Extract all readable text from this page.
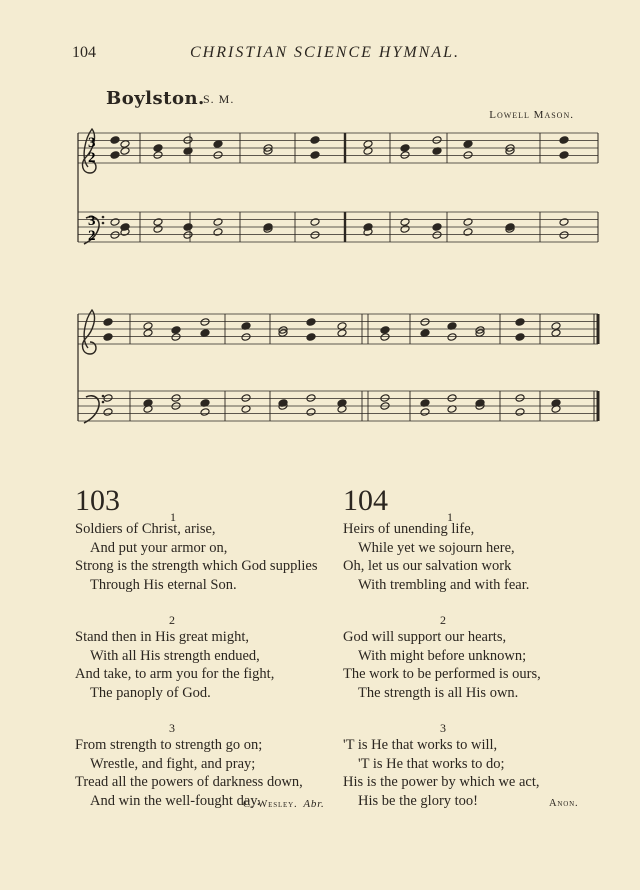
104	CHRISTIAN SCIENCE HYMNAL.
Boylston.
S. M.
Lowell Mason.
3
2
3
2
103	1
Soldiers of Christ, arise,
And put your armor on,
Strong is the strength which God supplies
Through His eternal Son.
2
Stand then in His great might,
With all His strength endued,
And take, to arm you for the fight,
The panoply of God.
3
From strength to strength go on;
Wrestle, and fight, and pray;
Tread all the powers of darkness down,
And win the well-fought day.
C. Wesley. Abr.
104	1
Heirs of unending life,
While yet we sojourn here,
Oh, let us our salvation work
With trembling and with fear.
2
God will support our hearts,
With might before unknown;
The work to be performed is ours,
The strength is all His own.
3
'T is He that works to will,
'T is He that works to do;
His is the power by which we act,
His be the glory too!	Anon.
